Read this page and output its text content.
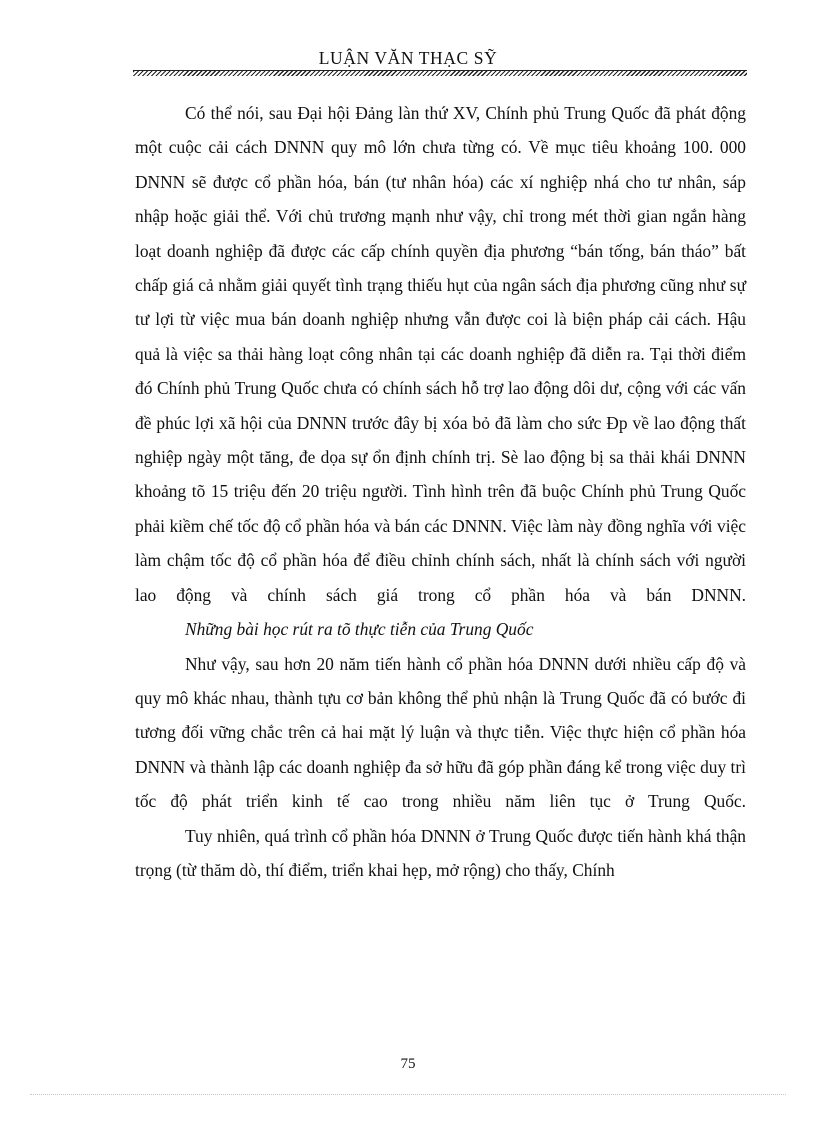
LUẬN VĂN THẠC SỸ

Có thể nói, sau Đại hội Đảng làn thứ XV, Chính phủ Trung Quốc đã phát động một cuộc cải cách DNNN quy mô lớn chưa từng có. Về mục tiêu khoảng 100. 000 DNNN sẽ được cổ phần hóa, bán (tư nhân hóa) các xí nghiệp nhá cho tư nhân, sáp nhập hoặc giải thể. Với chủ trương mạnh như vậy, chỉ trong mét thời gian ngắn hàng loạt doanh nghiệp đã được các cấp chính quyền địa phương “bán tống, bán tháo” bất chấp giá cả nhằm giải quyết tình trạng thiếu hụt của ngân sách địa phương cũng như sự tư lợi từ việc mua bán doanh nghiệp nhưng vẫn được coi là biện pháp cải cách. Hậu quả là việc sa thải hàng loạt công nhân tại các doanh nghiệp đã diễn ra. Tại thời điểm đó Chính phủ Trung Quốc chưa có chính sách hỗ trợ lao động dôi dư, cộng với các vấn đề phúc lợi xã hội của DNNN trước đây bị xóa bỏ đã làm cho sức Ðp về lao động thất nghiệp ngày một tăng, đe dọa sự ổn định chính trị. Sè lao động bị sa thải khái DNNN khoảng tõ 15 triệu đến 20 triệu người. Tình hình trên đã buộc Chính phủ Trung Quốc phải kiềm chế tốc độ cổ phần hóa và bán các DNNN. Việc làm này đồng nghĩa với việc làm chậm tốc độ cổ phần hóa để điều chỉnh chính sách, nhất là chính sách với người lao động và chính sách giá trong cổ phần hóa và bán DNNN.

Những bài học rút ra tõ thực tiễn của Trung Quốc

Như vậy, sau hơn 20 năm tiến hành cổ phần hóa DNNN dưới nhiều cấp độ và quy mô khác nhau, thành tựu cơ bản không thể phủ nhận là Trung Quốc đã có bước đi tương đối vững chắc trên cả hai mặt lý luận và thực tiễn. Việc thực hiện cổ phần hóa DNNN và thành lập các doanh nghiệp đa sở hữu đã góp phần đáng kể trong việc duy trì tốc độ phát triển kinh tế cao trong nhiều năm liên tục ở Trung Quốc.

Tuy nhiên, quá trình cổ phần hóa DNNN ở Trung Quốc được tiến hành khá thận trọng (từ thăm dò, thí điểm, triển khai hẹp, mở rộng) cho thấy, Chính

75
